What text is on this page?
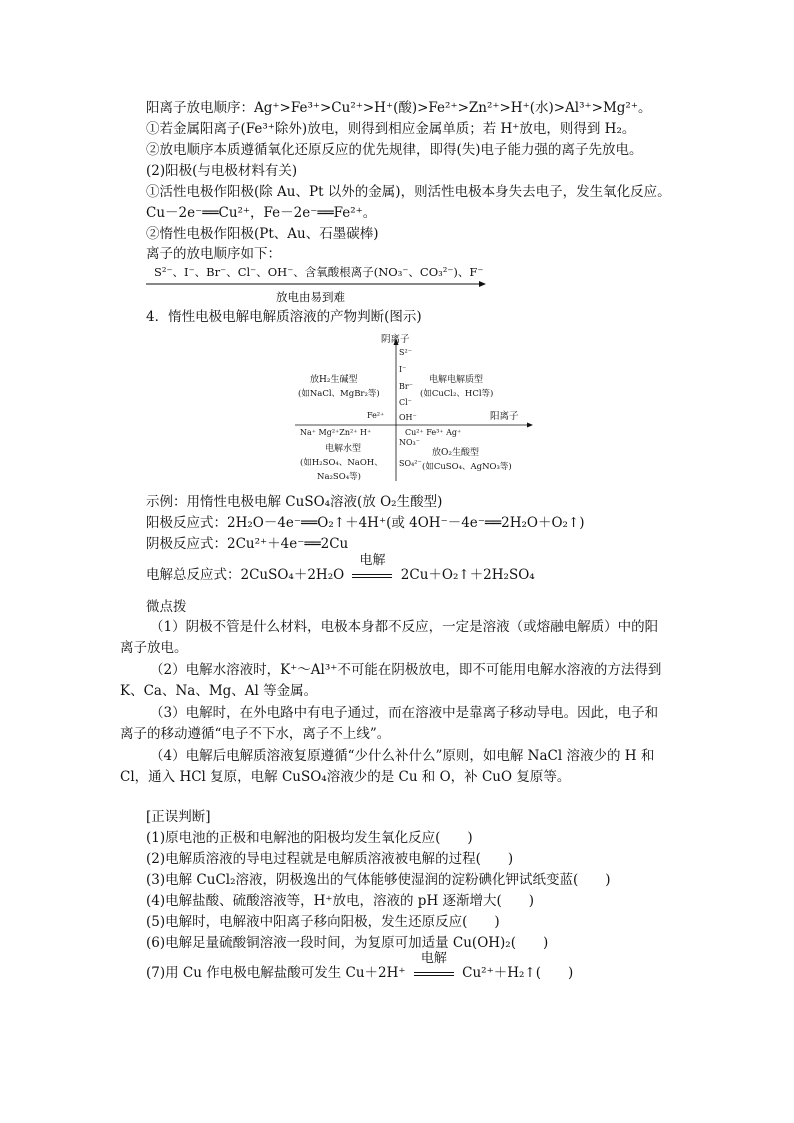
阳离子放电顺序：Ag⁺>Fe³⁺>Cu²⁺>H⁺(酸)>Fe²⁺>Zn²⁺>H⁺(水)>Al³⁺>Mg²⁺。
①若金属阳离子(Fe³⁺除外)放电，则得到相应金属单质；若 H⁺放电，则得到 H₂。
②放电顺序本质遵循氧化还原反应的优先规律，即得(失)电子能力强的离子先放电。
(2)阳极(与电极材料有关)
①活性电极作阳极(除 Au、Pt 以外的金属)，则活性电极本身失去电子，发生氧化反应。
Cu－2e⁻══Cu²⁺，Fe－2e⁻══Fe²⁺。
②惰性电极作阳极(Pt、Au、石墨碳棒)
离子的放电顺序如下：
S²⁻、I⁻、Br⁻、Cl⁻、OH⁻、含氧酸根离子(NO₃⁻、CO₃²⁻)、F⁻
放电由易到难
4．惰性电极电解电解质溶液的产物判断(图示)
阴离子
阳离子
S²⁻
I⁻
Br⁻
Cl⁻
OH⁻
NO₃⁻
SO₄²⁻
Na⁺ Mg²⁺Zn²⁺ H⁺
Fe²⁺
Cu²⁺ Fe³⁺ Ag⁺
放H₂生碱型
(如NaCl、MgBr₂等)
电解电解质型
(如CuCl₂、HCl等)
电解水型
(如H₂SO₄、NaOH、
Na₂SO₄等)
放O₂生酸型
(如CuSO₄、AgNO₃等)
示例：用惰性电极电解 CuSO₄溶液(放 O₂生酸型)
阳极反应式：2H₂O－4e⁻══O₂↑＋4H⁺(或 4OH⁻－4e⁻══2H₂O＋O₂↑)
阴极反应式：2Cu²⁺＋4e⁻══2Cu
电解总反应式：2CuSO₄＋2H₂O
电解
2Cu＋O₂↑＋2H₂SO₄
微点拨
（1）阴极不管是什么材料，电极本身都不反应，一定是溶液（或熔融电解质）中的阳
离子放电。
（2）电解水溶液时，K⁺～Al³⁺不可能在阴极放电，即不可能用电解水溶液的方法得到
K、Ca、Na、Mg、Al 等金属。
（3）电解时，在外电路中有电子通过，而在溶液中是靠离子移动导电。因此，电子和
离子的移动遵循“电子不下水，离子不上线”。
（4）电解后电解质溶液复原遵循“少什么补什么”原则，如电解 NaCl 溶液少的 H 和
Cl，通入 HCl 复原，电解 CuSO₄溶液少的是 Cu 和 O，补 CuO 复原等。
[正误判断]
(1)原电池的正极和电解池的阳极均发生氧化反应(　　)
(2)电解质溶液的导电过程就是电解质溶液被电解的过程(　　)
(3)电解 CuCl₂溶液，阴极逸出的气体能够使湿润的淀粉碘化钾试纸变蓝(　　)
(4)电解盐酸、硫酸溶液等，H⁺放电，溶液的 pH 逐渐增大(　　)
(5)电解时，电解液中阳离子移向阳极，发生还原反应(　　)
(6)电解足量硫酸铜溶液一段时间，为复原可加适量 Cu(OH)₂(　　)
(7)用 Cu 作电极电解盐酸可发生 Cu＋2H⁺
电解
Cu²⁺＋H₂↑(　　)
